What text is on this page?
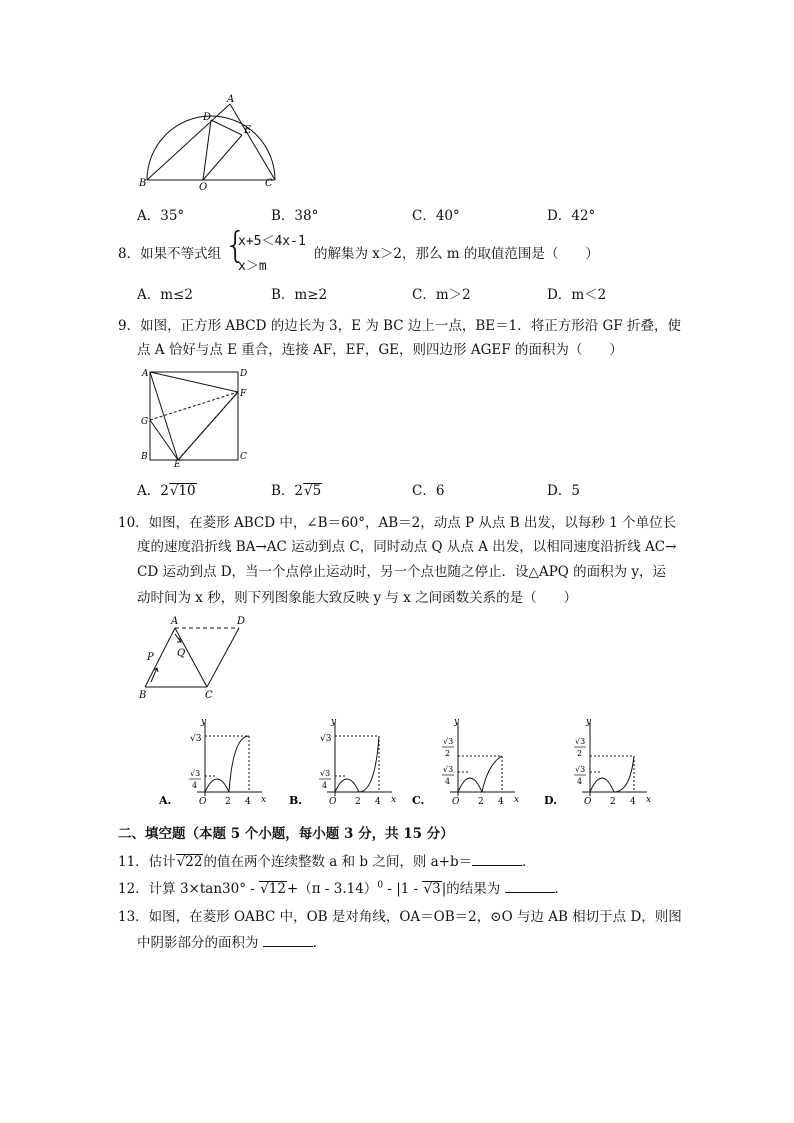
A
D
E
B	O	C
A．35°	B．38°	C．40°	D．42°
8．如果不等式组 {
x+5＜4x-1
x＞m
的解集为 x＞2，那么 m 的取值范围是（　　）
A．m≤2	B．m≥2	C．m＞2	D．m＜2
9．如图，正方形 ABCD 的边长为 3，E 为 BC 边上一点，BE＝1．将正方形沿 GF 折叠，使
点 A 恰好与点 E 重合，连接 AF，EF，GE，则四边形 AGEF 的面积为（　　）
A	D
F
G
B
E
C
A．2√10	B．2√5	C．6	D．5
10．如图，在菱形 ABCD 中，∠B＝60°，AB＝2，动点 P 从点 B 出发，以每秒 1 个单位长
度的速度沿折线 BA→AC 运动到点 C，同时动点 Q 从点 A 出发，以相同速度沿折线 AC→
CD 运动到点 D，当一个点停止运动时，另一个点也随之停止．设△APQ 的面积为 y，运
动时间为 x 秒，则下列图象能大致反映 y 与 x 之间函数关系的是（　　）
A	D
Q
P
B	C
A.
y
x
O 2 4
√3
√3
4
B.
y
x
O 2 4
√3
√3
4
C.
y
x
O 2 4
√3
2
√3
4
D.
y
x
O 2 4
√3
2
√3
4
二、填空题（本题 5 个小题，每小题 3 分，共 15 分）
11．估计√22的值在两个连续整数 a 和 b 之间，则 a+b＝	．
12．计算 3×tan30° - √12+（π - 3.14）$^0$ - |1 - √3|的结果为	．
13．如图，在菱形 OABC 中，OB 是对角线，OA＝OB＝2，⊙O 与边 AB 相切于点 D，则图
中阴影部分的面积为	．
